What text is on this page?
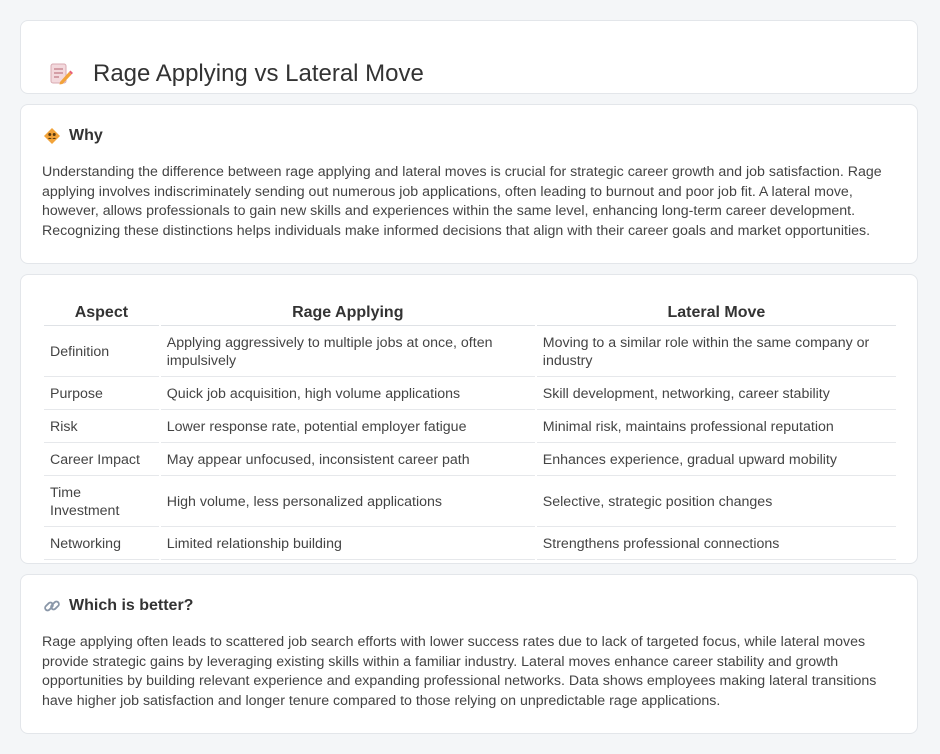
Rage Applying vs Lateral Move
Why

Understanding the difference between rage applying and lateral moves is crucial for strategic career growth and job satisfaction. Rage applying involves indiscriminately sending out numerous job applications, often leading to burnout and poor job fit. A lateral move, however, allows professionals to gain new skills and experiences within the same level, enhancing long-term career development. Recognizing these distinctions helps individuals make informed decisions that align with their career goals and market opportunities.

Aspect	Rage Applying	Lateral Move
Definition	Applying aggressively to multiple jobs at once, often impulsively	Moving to a similar role within the same company or industry
Purpose	Quick job acquisition, high volume applications	Skill development, networking, career stability
Risk	Lower response rate, potential employer fatigue	Minimal risk, maintains professional reputation
Career Impact	May appear unfocused, inconsistent career path	Enhances experience, gradual upward mobility
Time Investment	High volume, less personalized applications	Selective, strategic position changes
Networking	Limited relationship building	Strengthens professional connections
Which is better?

Rage applying often leads to scattered job search efforts with lower success rates due to lack of targeted focus, while lateral moves provide strategic gains by leveraging existing skills within a familiar industry. Lateral moves enhance career stability and growth opportunities by building relevant experience and expanding professional networks. Data shows employees making lateral transitions have higher job satisfaction and longer tenure compared to those relying on unpredictable rage applications.
